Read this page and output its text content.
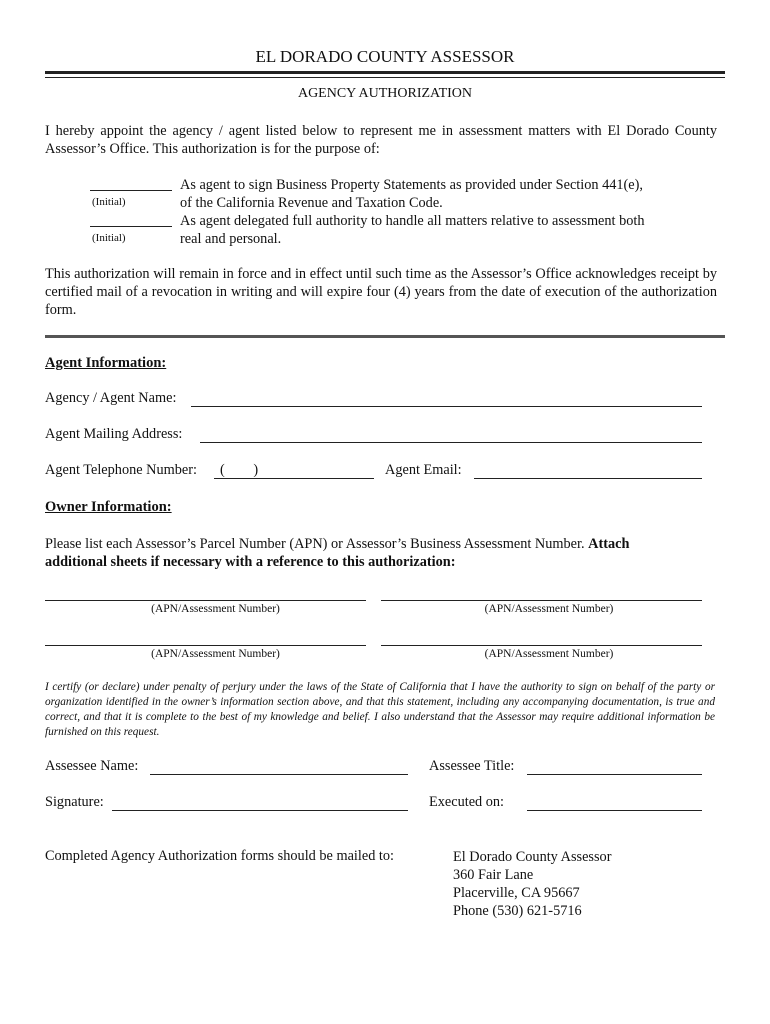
EL DORADO COUNTY ASSESSOR
AGENCY AUTHORIZATION
I hereby appoint the agency / agent listed below to represent me in assessment matters with El Dorado County Assessor’s Office. This authorization is for the purpose of:
(Initial)
As agent to sign Business Property Statements as provided under Section 441(e),
of the California Revenue and Taxation Code.
(Initial)
As agent delegated full authority to handle all matters relative to assessment both
real and personal.
This authorization will remain in force and in effect until such time as the Assessor’s Office acknowledges receipt by certified mail of a revocation in writing and will expire four (4) years from the date of execution of the authorization form.
Agent Information:
Agency / Agent Name:
Agent Mailing Address:
Agent Telephone Number: (        )	Agent Email:
Owner Information:
Please list each Assessor’s Parcel Number (APN) or Assessor’s Business Assessment Number. Attach
additional sheets if necessary with a reference to this authorization:
(APN/Assessment Number)	(APN/Assessment Number)
(APN/Assessment Number)	(APN/Assessment Number)
I certify (or declare) under penalty of perjury under the laws of the State of California that I have the authority to sign on behalf of the party or organization identified in the owner’s information section above, and that this statement, including any accompanying documentation, is true and correct, and that it is complete to the best of my knowledge and belief. I also understand that the Assessor may require additional information be furnished on this request.
Assessee Name:	Assessee Title:
Signature:	Executed on:
Completed Agency Authorization forms should be mailed to:	El Dorado County Assessor
360 Fair Lane
Placerville, CA 95667
Phone (530) 621-5716
